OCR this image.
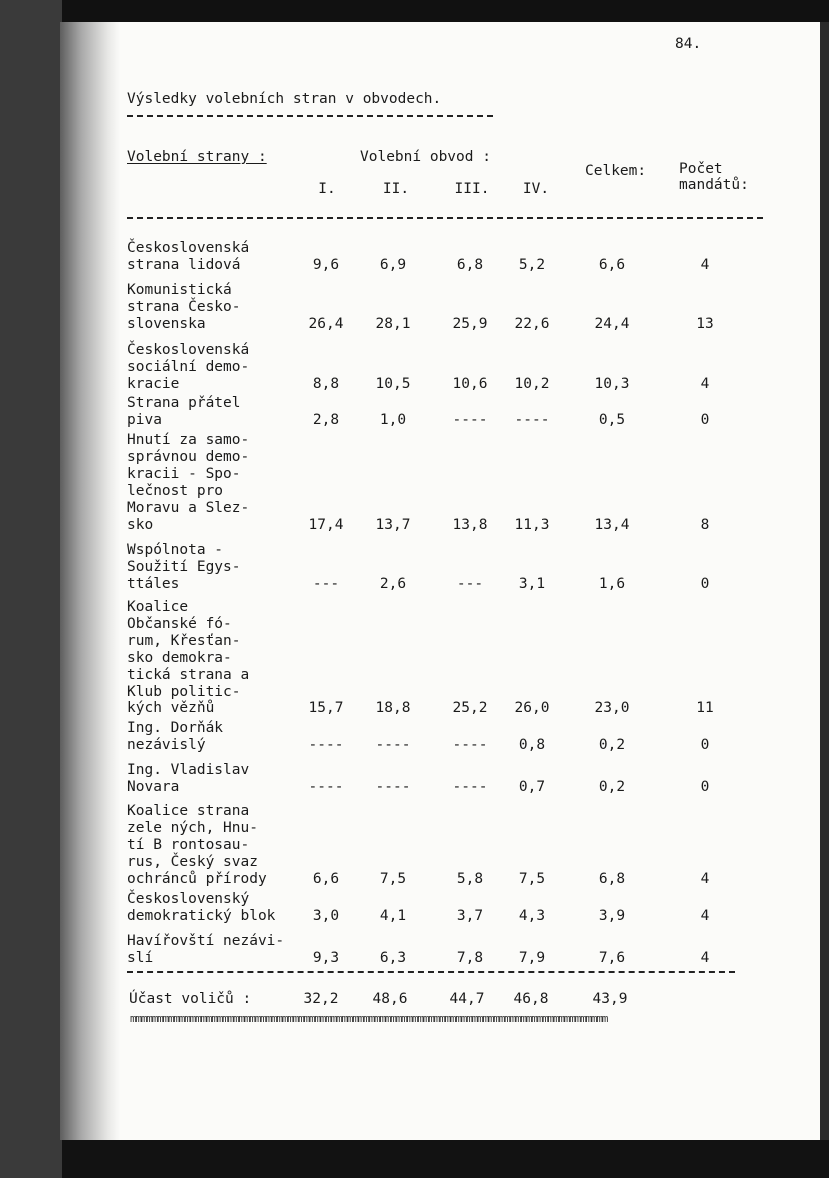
84.
Výsledky volebních stran v obvodech.
Volební strany :	Volební obvod :
Celkem: Počet
mandátů:
I.	II.	III.	IV.
Československá
strana lidová	9,6	6,9	6,8	5,2	6,6	4
Komunistická
strana Česko-
slovenska	26,4	28,1	25,9	22,6	24,4	13
Československá
sociální demo-
kracie	8,8	10,5	10,6	10,2	10,3	4
Strana přátel
piva	2,8	1,0	----	----	0,5	0
Hnutí za samo-
správnou demo-
kracii - Spo-
lečnost pro
Moravu a Slez-
sko	17,4	13,7	13,8	11,3	13,4	8
Wspólnota -
Soužití Egys-
ttáles	---	2,6	---	3,1	1,6	0
Koalice
Občanské fó-
rum, Křesťan-
sko demokra-
tická strana a
Klub politic-
kých vězňů	15,7	18,8	25,2	26,0	23,0	11
Ing. Dorňák
nezávislý	----	----	----	0,8	0,2	0
Ing. Vladislav
Novara	----	----	----	0,7	0,2	0
Koalice strana
zele ných, Hnu-
tí B rontosau-
rus, Český svaz
ochránců přírody	6,6	7,5	5,8	7,5	6,8	4
Československý
demokratický blok	3,0	4,1	3,7	4,3	3,9	4
Havířovští nezávi-
slí	9,3	6,3	7,8	7,9	7,6	4
Účast voličů :	32,2	48,6	44,7	46,8	43,9
mmmmmmmmmmmmmmmmmmmmmmmmmmmmmmmmmmmmmmmmmmmmmmmmmmmmmmmmmmmmmmmmmmmmmmmmmmmmmmmmmmmmmmmm
